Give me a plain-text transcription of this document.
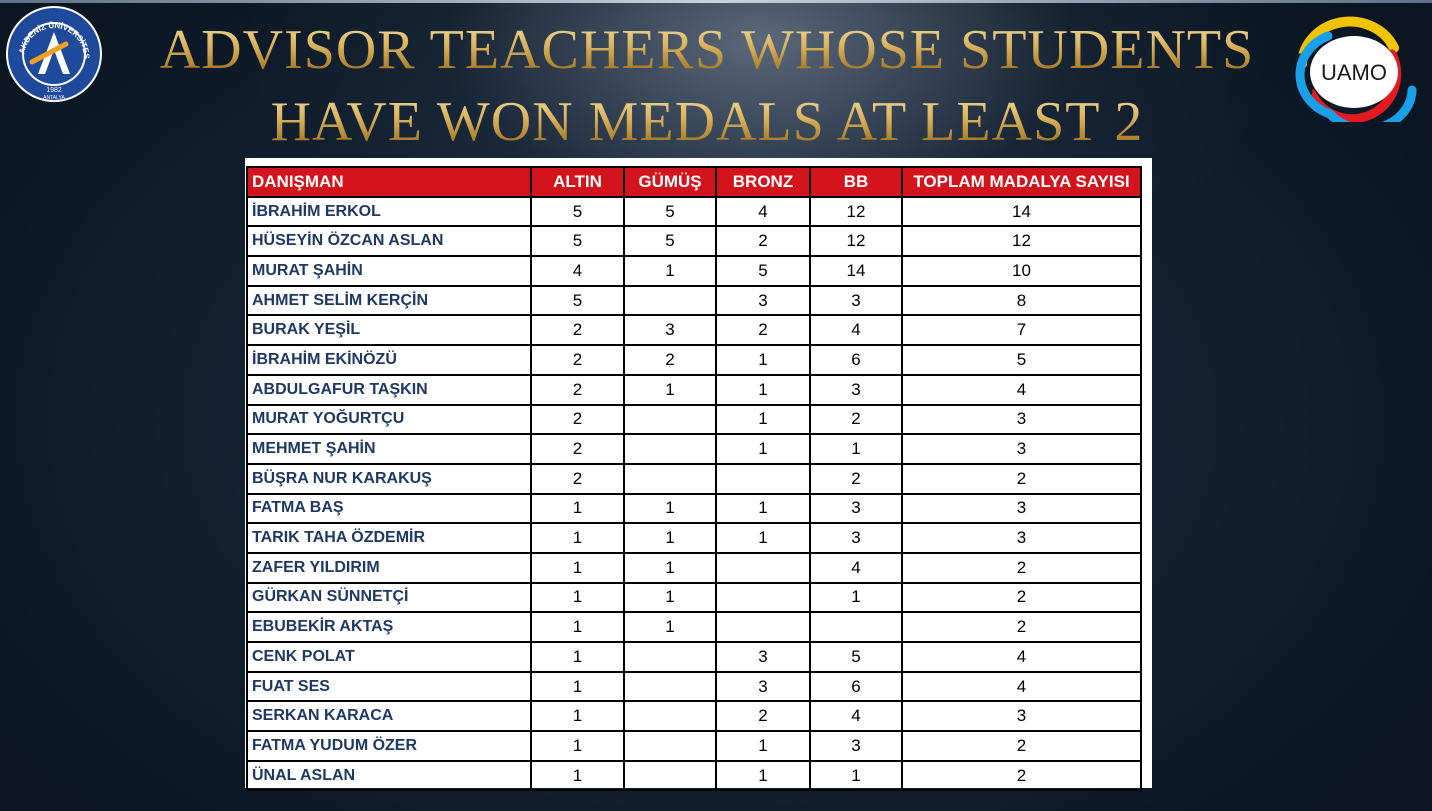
ADVISOR TEACHERS WHOSE STUDENTS
HAVE WON MEDALS AT LEAST 2
UAMO
DANIŞMAN	ALTIN	GÜMÜŞ	BRONZ	BB	TOPLAM MADALYA SAYISI
İBRAHİM ERKOL	5	5	4	12	14
HÜSEYİN ÖZCAN ASLAN	5	5	2	12	12
MURAT ŞAHİN	4	1	5	14	10
AHMET SELİM KERÇİN	5		3	3	8
BURAK YEŞİL	2	3	2	4	7
İBRAHİM EKİNÖZÜ	2	2	1	6	5
ABDULGAFUR TAŞKIN	2	1	1	3	4
MURAT YOĞURTÇU	2		1	2	3
MEHMET ŞAHİN	2		1	1	3
BÜŞRA NUR KARAKUŞ	2			2	2
FATMA BAŞ	1	1	1	3	3
TARIK TAHA ÖZDEMİR	1	1	1	3	3
ZAFER YILDIRIM	1	1		4	2
GÜRKAN SÜNNETÇİ	1	1		1	2
EBUBEKİR AKTAŞ	1	1			2
CENK POLAT	1		3	5	4
FUAT SES	1		3	6	4
SERKAN KARACA	1		2	4	3
FATMA YUDUM ÖZER	1		1	3	2
ÜNAL ASLAN	1		1	1	2
